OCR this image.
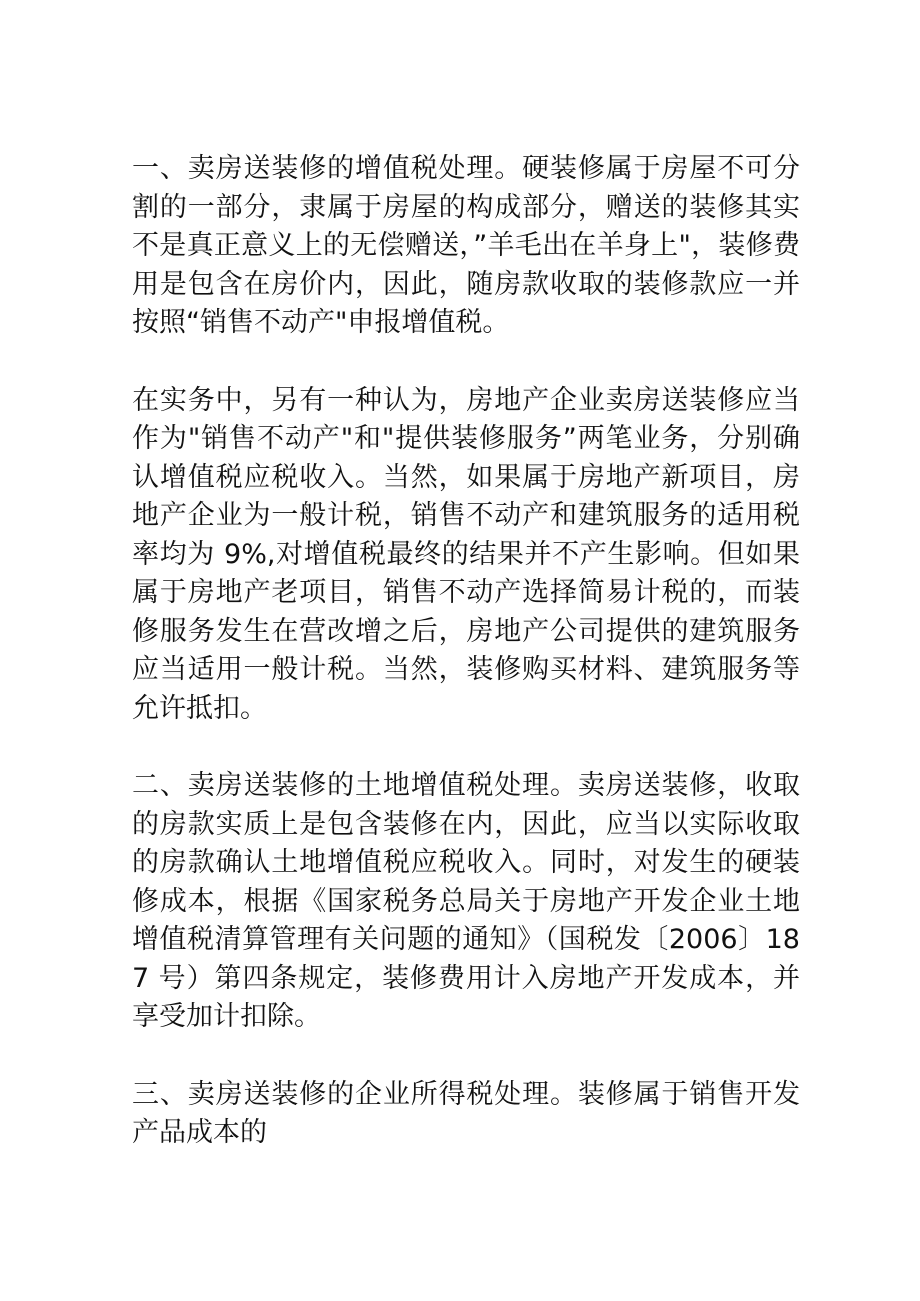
一、卖房送装修的增值税处理。硬装修属于房屋不可分割的一部分，隶属于房屋的构成部分，赠送的装修其实不是真正意义上的无偿赠送，”羊毛出在羊身上"，装修费用是包含在房价内，因此，随房款收取的装修款应一并按照“销售不动产"申报增值税。

在实务中，另有一种认为，房地产企业卖房送装修应当作为"销售不动产"和"提供装修服务”两笔业务，分别确认增值税应税收入。当然，如果属于房地产新项目，房地产企业为一般计税，销售不动产和建筑服务的适用税率均为 9%,对增值税最终的结果并不产生影响。但如果属于房地产老项目，销售不动产选择简易计税的，而装修服务发生在营改增之后，房地产公司提供的建筑服务应当适用一般计税。当然，装修购买材料、建筑服务等允许抵扣。

二、卖房送装修的土地增值税处理。卖房送装修，收取的房款实质上是包含装修在内，因此，应当以实际收取的房款确认土地增值税应税收入。同时，对发生的硬装修成本，根据《国家税务总局关于房地产开发企业土地增值税清算管理有关问题的通知》（国税发〔2006〕187 号）第四条规定，装修费用计入房地产开发成本，并享受加计扣除。

三、卖房送装修的企业所得税处理。装修属于销售开发产品成本的
